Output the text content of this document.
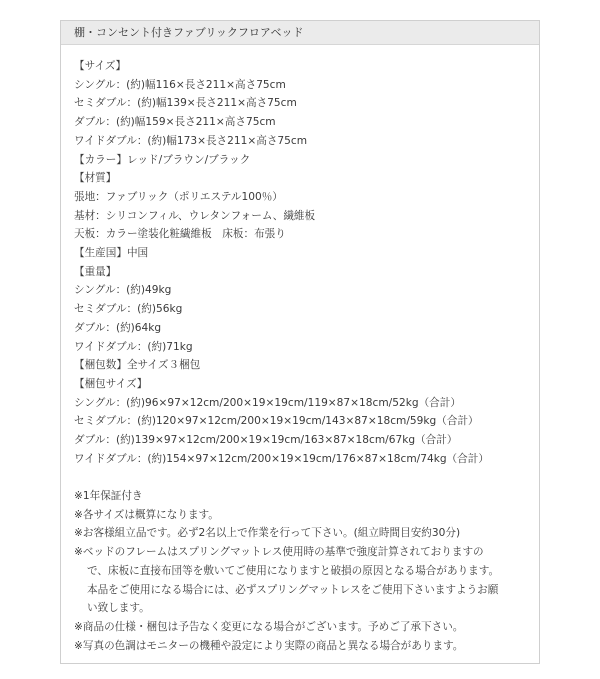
棚・コンセント付きファブリックフロアベッド
【サイズ】
シングル：(約)幅116×長さ211×高さ75cm
セミダブル：(約)幅139×長さ211×高さ75cm
ダブル：(約)幅159×長さ211×高さ75cm
ワイドダブル：(約)幅173×長さ211×高さ75cm
【カラー】レッド/ブラウン/ブラック
【材質】
張地：ファブリック（ポリエステル100％）
基材：シリコンフィル、ウレタンフォーム、繊維板
天板：カラー塗装化粧繊維板　床板：布張り
【生産国】中国
【重量】
シングル：(約)49kg
セミダブル：(約)56kg
ダブル：(約)64kg
ワイドダブル：(約)71kg
【梱包数】全サイズ３梱包
【梱包サイズ】
シングル：(約)96×97×12cm/200×19×19cm/119×87×18cm/52kg（合計）
セミダブル：(約)120×97×12cm/200×19×19cm/143×87×18cm/59kg（合計）
ダブル：(約)139×97×12cm/200×19×19cm/163×87×18cm/67kg（合計）
ワイドダブル：(約)154×97×12cm/200×19×19cm/176×87×18cm/74kg（合計）
※1年保証付き
※各サイズは概算になります。
※お客様組立品です。必ず2名以上で作業を行って下さい。(組立時間目安約30分)
※ベッドのフレームはスプリングマットレス使用時の基準で強度計算されておりますの
で、床板に直接布団等を敷いてご使用になりますと破損の原因となる場合があります。
本品をご使用になる場合には、必ずスプリングマットレスをご使用下さいますようお願
い致します。
※商品の仕様・梱包は予告なく変更になる場合がございます。予めご了承下さい。
※写真の色調はモニターの機種や設定により実際の商品と異なる場合があります。
